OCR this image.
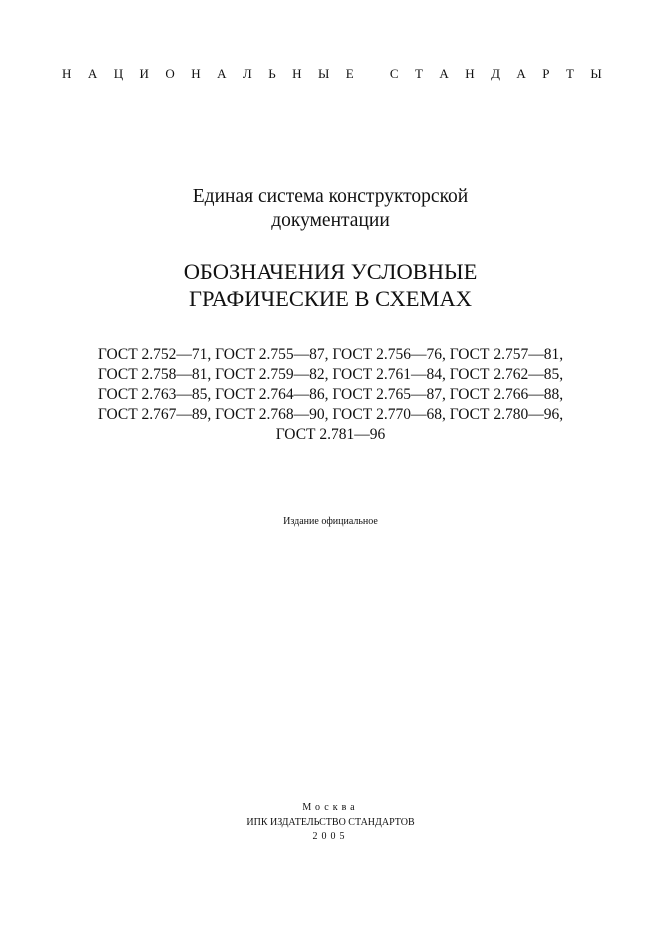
Н А Ц И О Н А Л Ь Н Ы Е
	С Т А Н Д А Р Т Ы
Единая система конструкторской
документации
ОБОЗНАЧЕНИЯ УСЛОВНЫЕ
ГРАФИЧЕСКИЕ В СХЕМАХ
ГОСТ 2.752—71, ГОСТ 2.755—87, ГОСТ 2.756—76, ГОСТ 2.757—81,
ГОСТ 2.758—81, ГОСТ 2.759—82, ГОСТ 2.761—84, ГОСТ 2.762—85,
ГОСТ 2.763—85, ГОСТ 2.764—86, ГОСТ 2.765—87, ГОСТ 2.766—88,
ГОСТ 2.767—89, ГОСТ 2.768—90, ГОСТ 2.770—68, ГОСТ 2.780—96,
ГОСТ 2.781—96
Издание официальное
Москва
ИПК ИЗДАТЕЛЬСТВО СТАНДАРТОВ
2005
